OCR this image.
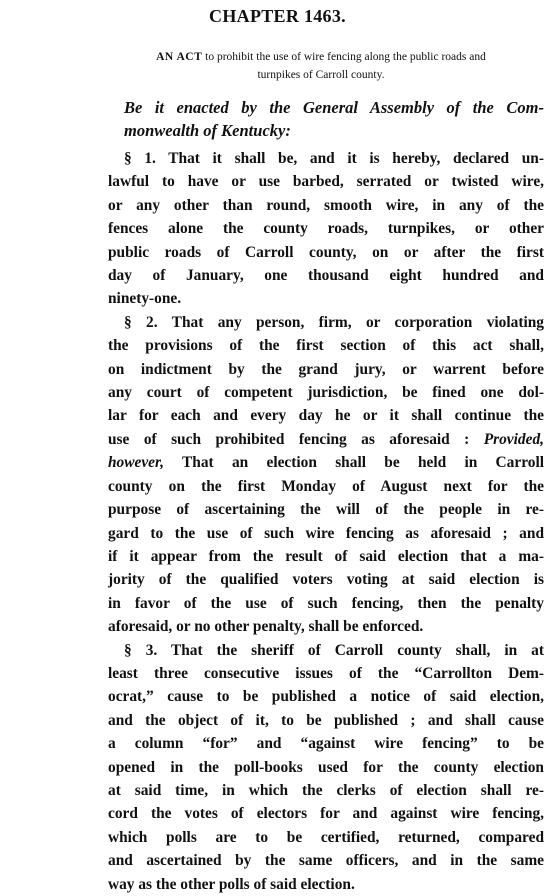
CHAPTER 1463.
AN ACT to prohibit the use of wire fencing along the public roads and
turnpikes of Carroll county.
Be it enacted by the General Assembly of the Com-
monwealth of Kentucky:
§ 1. That it shall be, and it is hereby, declared un-
lawful to have or use barbed, serrated or twisted wire,
or any other than round, smooth wire, in any of the
fences alone the county roads, turnpikes, or other
public roads of Carroll county, on or after the first
day of January, one thousand eight hundred and
ninety-one.
§ 2. That any person, firm, or corporation violating
the provisions of the first section of this act shall,
on indictment by the grand jury, or warrent before
any court of competent jurisdiction, be fined one dol-
lar for each and every day he or it shall continue the
use of such prohibited fencing as aforesaid : Provided,
however, That an election shall be held in Carroll
county on the first Monday of August next for the
purpose of ascertaining the will of the people in re-
gard to the use of such wire fencing as aforesaid ; and
if it appear from the result of said election that a ma-
jority of the qualified voters voting at said election is
in favor of the use of such fencing, then the penalty
aforesaid, or no other penalty, shall be enforced.
§ 3. That the sheriff of Carroll county shall, in at
least three consecutive issues of the “Carrollton Dem-
ocrat,” cause to be published a notice of said election,
and the object of it, to be published ; and shall cause
a column “for” and “against wire fencing” to be
opened in the poll-books used for the county election
at said time, in which the clerks of election shall re-
cord the votes of electors for and against wire fencing,
which polls are to be certified, returned, compared
and ascertained by the same officers, and in the same
way as the other polls of said election.
